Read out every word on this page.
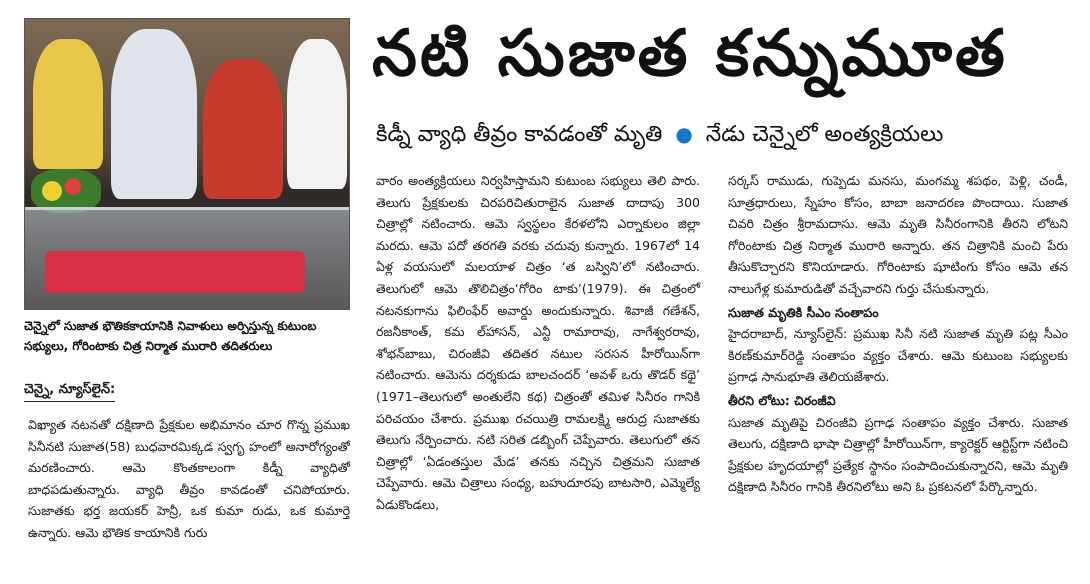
చెన్నైలో సుజాత భౌతికకాయానికి నివాళులు అర్పిస్తున్న కుటుంబ సభ్యులు, గోరింటాకు చిత్ర నిర్మాత మురారి తదితరులు
చెన్నై, న్యూస్‌లైన్:
నటి సుజాత కన్నుమూత
కిడ్నీ వ్యాధి తీవ్రం కావడంతో మృతి ● నేడు చెన్నైలో అంత్యక్రియలు

విఖ్యాత నటనతో దక్షిణాది ప్రేక్షకుల అభిమానం చూర గొన్న ప్రముఖ సినీనటి సుజాత(58) బుధవారమిక్కడ స్వగృ హంలో అనారోగ్యంతో మరణించారు. ఆమె కొంతకాలంగా కిడ్నీ వ్యాధితో బాధపడుతున్నారు. వ్యాధి తీవ్రం కావడంతో చనిపోయారు. సుజాతకు భర్త జయకర్ హెన్రీ, ఒక కుమా రుడు, ఒక కుమార్తె ఉన్నారు. ఆమె భౌతిక కాయానికి గురు

వారం అంత్యక్రియలు నిర్వహిస్తామని కుటుంబ సభ్యులు తెలి పారు. తెలుగు ప్రేక్షకులకు చిరపరిచితురాలైన సుజాత దాదాపు 300 చిత్రాల్లో నటించారు. ఆమె స్వస్థలం కేరళలోని ఎర్నాకులం జిల్లా మరదు. ఆమె పదో తరగతి వరకు చదువు కున్నారు. 1967లో 14 ఏళ్ల వయసులో మలయాళ చిత్రం ‘త బస్విని’లో నటించారు. తెలుగులో ఆమె తొలిచిత్రం‘గోరిం టాకు’(1979). ఈ చిత్రంలో నటనకుగాను ఫిలింఫేర్ అవార్డు అందుకున్నారు. శివాజీ గణేశన్, రజనీకాంత్, కమ ల్‌హాసన్, ఎన్టీ రామారావు, నాగేశ్వరరావు, శోభన్‌బాబు, చిరంజీవి తదితర నటుల సరసన హీరోయిన్‌గా నటించారు. ఆమెను దర్శకుడు బాలచందర్ ‘అవళ్ ఒరు తొడర్ కథై’ (1971–తెలుగులో అంతులేని కథ) చిత్రంతో తమిళ సినీరం గానికి పరిచయం చేశారు. ప్రముఖ రచయిత్రి రామలక్ష్మి ఆరుద్ర సుజాతకు తెలుగు నేర్పించారు. నటి సరిత డబ్బింగ్ చెప్పేవారు. తెలుగులో తన చిత్రాల్లో ‘ఏడంతస్తుల మేడ’ తనకు నచ్చిన చిత్రమని సుజాత చెప్పేవారు. ఆమె చిత్రాలు సంధ్య, బహుదూరపు బాటసారి, ఎమ్మెల్యే ఏడుకొండలు,

సర్కస్ రాముడు, గుప్పెడు మనసు, మంగమ్మ శపథం, పెళ్లి, చండీ, సూత్రధారులు, స్నేహం కోసం, బాబా జనాదరణ పొందాయి. సుజాత చివరి చిత్రం శ్రీరామదాసు. ఆమె మృతి సినీరంగానికి తీరని లోటని గోరింటాకు చిత్ర నిర్మాత మురారి అన్నారు. తన చిత్రానికి మంచి పేరు తీసుకొచ్చారని కొనియాడారు. గోరింటాకు షూటింగు కోసం ఆమె తన నాలుగేళ్ల కుమారుడితో వచ్చేవారని గుర్తు చేసుకున్నారు.

సుజాత మృతికి సీఎం సంతాపం

హైదరాబాద్, న్యూస్‌లైన్: ప్రముఖ సినీ నటి సుజాత మృతి పట్ల సీఎం కిరణ్‌కుమార్‌రెడ్డి సంతాపం వ్యక్తం చేశారు. ఆమె కుటుంబ సభ్యులకు ప్రగాఢ సానుభూతి తెలియజేశారు.

తీరని లోటు: చిరంజీవి

సుజాత మృతిపై చిరంజీవి ప్రగాఢ సంతాపం వ్యక్తం చేశారు. సుజాత తెలుగు, దక్షిణాది భాషా చిత్రాల్లో హీరోయిన్‌గా, క్యారెక్టర్ ఆర్టిస్ట్‌గా నటించి ప్రేక్షకుల హృదయాల్లో ప్రత్యేక స్థానం సంపాదించుకున్నారని, ఆమె మృతి దక్షిణాది సినీరం గానికి తీరనిలోటు అని ఓ ప్రకటనలో పేర్కొన్నారు.
